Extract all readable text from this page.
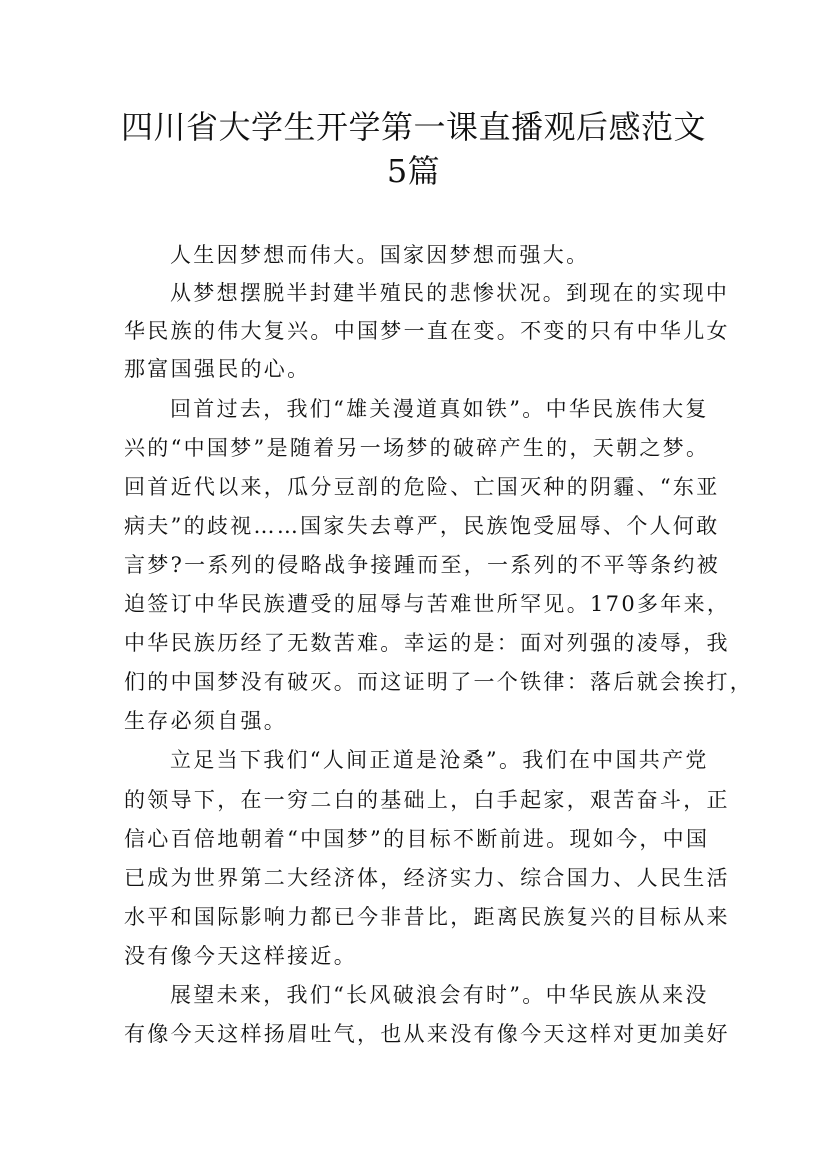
四川省大学生开学第一课直播观后感范文
5篇
人生因梦想而伟大。国家因梦想而强大。
从梦想摆脱半封建半殖民的悲惨状况。到现在的实现中
华民族的伟大复兴。中国梦一直在变。不变的只有中华儿女
那富国强民的心。
回首过去，我们“雄关漫道真如铁”。中华民族伟大复
兴的“中国梦”是随着另一场梦的破碎产生的，天朝之梦。
回首近代以来，瓜分豆剖的危险、亡国灭种的阴霾、“东亚
病夫”的歧视……国家失去尊严，民族饱受屈辱、个人何敢
言梦?一系列的侵略战争接踵而至，一系列的不平等条约被
迫签订中华民族遭受的屈辱与苦难世所罕见。170多年来，
中华民族历经了无数苦难。幸运的是：面对列强的凌辱，我
们的中国梦没有破灭。而这证明了一个铁律：落后就会挨打，
生存必须自强。
立足当下我们“人间正道是沧桑”。我们在中国共产党
的领导下，在一穷二白的基础上，白手起家，艰苦奋斗，正
信心百倍地朝着“中国梦”的目标不断前进。现如今，中国
已成为世界第二大经济体，经济实力、综合国力、人民生活
水平和国际影响力都已今非昔比，距离民族复兴的目标从来
没有像今天这样接近。
展望未来，我们“长风破浪会有时”。中华民族从来没
有像今天这样扬眉吐气，也从来没有像今天这样对更加美好
